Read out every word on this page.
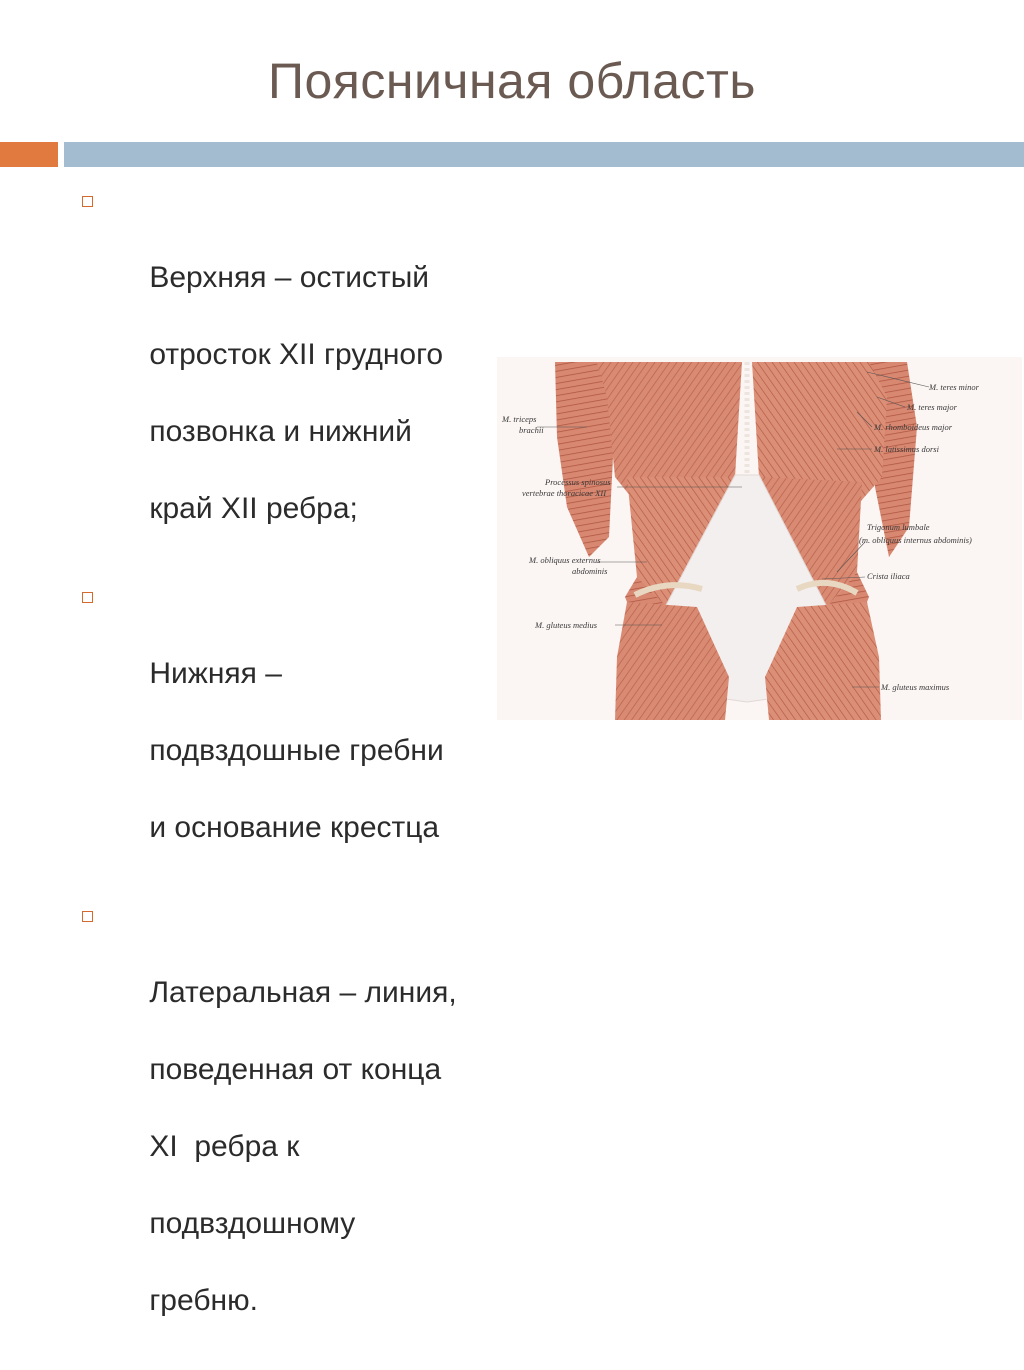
Поясничная область

Верхняя – остистый

отросток XII грудного

позвонка и нижний

край XII ребра;

Нижняя –

подвздошные гребни

и основание крестца

Латеральная – линия,

поведенная от конца

XI  ребра к

подвздошному

гребню.

M. triceps
brachii
Processus spinosus
vertebrae thoracicae XII
M. obliquus externus
abdominis
M. gluteus medius
M. teres minor
M. teres major
M. rhomboideus major
M. latissimus dorsi
Trigonum lumbale
(m. obliquus internus abdominis)
Crista iliaca
M. gluteus maximus
